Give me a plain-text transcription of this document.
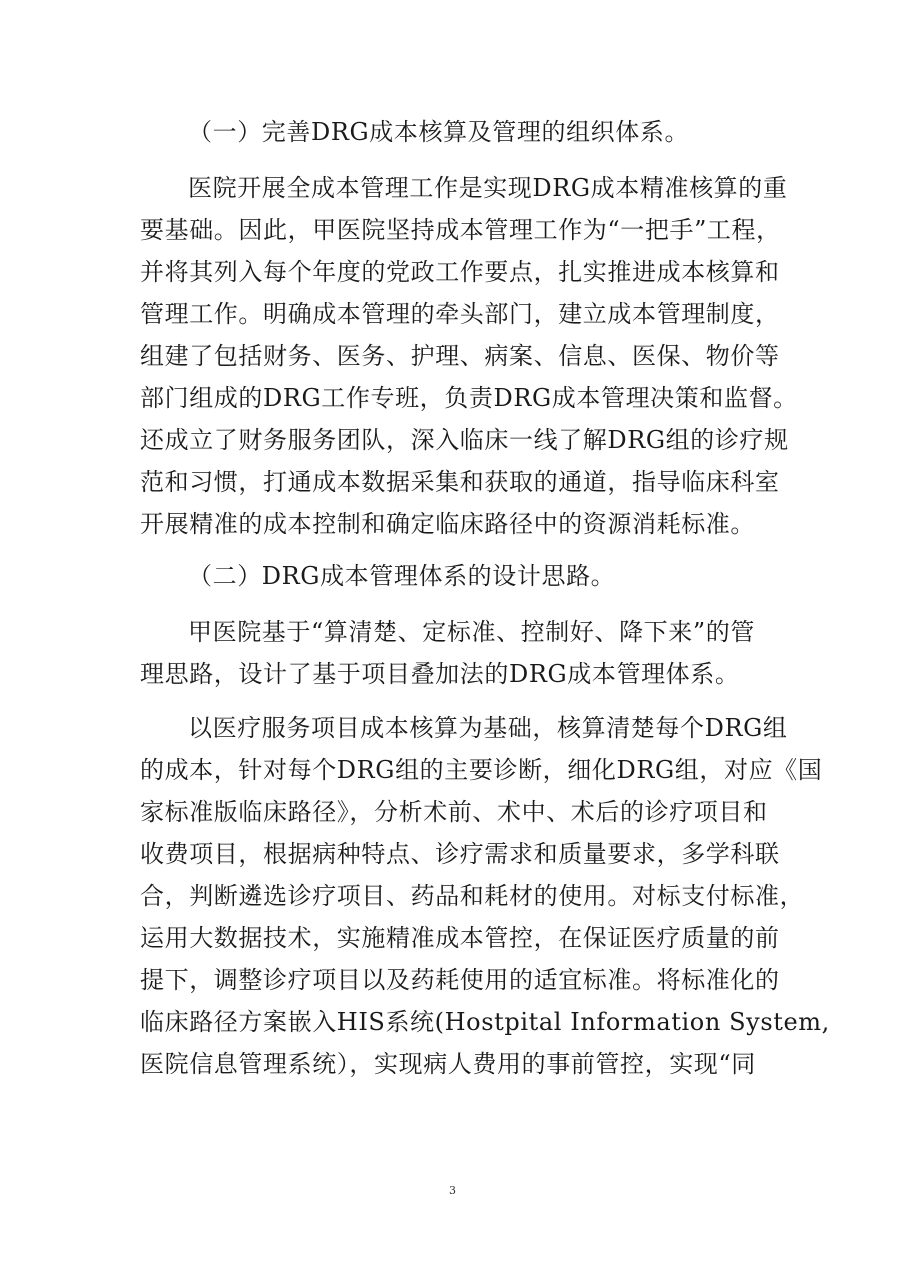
（一）完善DRG成本核算及管理的组织体系。
医院开展全成本管理工作是实现DRG成本精准核算的重
要基础。因此，甲医院坚持成本管理工作为“一把手”工程，
并将其列入每个年度的党政工作要点，扎实推进成本核算和
管理工作。明确成本管理的牵头部门，建立成本管理制度，
组建了包括财务、医务、护理、病案、信息、医保、物价等
部门组成的DRG工作专班，负责DRG成本管理决策和监督。
还成立了财务服务团队，深入临床一线了解DRG组的诊疗规
范和习惯，打通成本数据采集和获取的通道，指导临床科室
开展精准的成本控制和确定临床路径中的资源消耗标准。
（二）DRG成本管理体系的设计思路。
甲医院基于“算清楚、定标准、控制好、降下来”的管
理思路，设计了基于项目叠加法的DRG成本管理体系。
以医疗服务项目成本核算为基础，核算清楚每个DRG组
的成本，针对每个DRG组的主要诊断，细化DRG组，对应《国
家标准版临床路径》，分析术前、术中、术后的诊疗项目和
收费项目，根据病种特点、诊疗需求和质量要求，多学科联
合，判断遴选诊疗项目、药品和耗材的使用。对标支付标准，
运用大数据技术，实施精准成本管控，在保证医疗质量的前
提下，调整诊疗项目以及药耗使用的适宜标准。将标准化的
临床路径方案嵌入HIS系统(Hostpital Information System,
医院信息管理系统），实现病人费用的事前管控，实现“同
3
